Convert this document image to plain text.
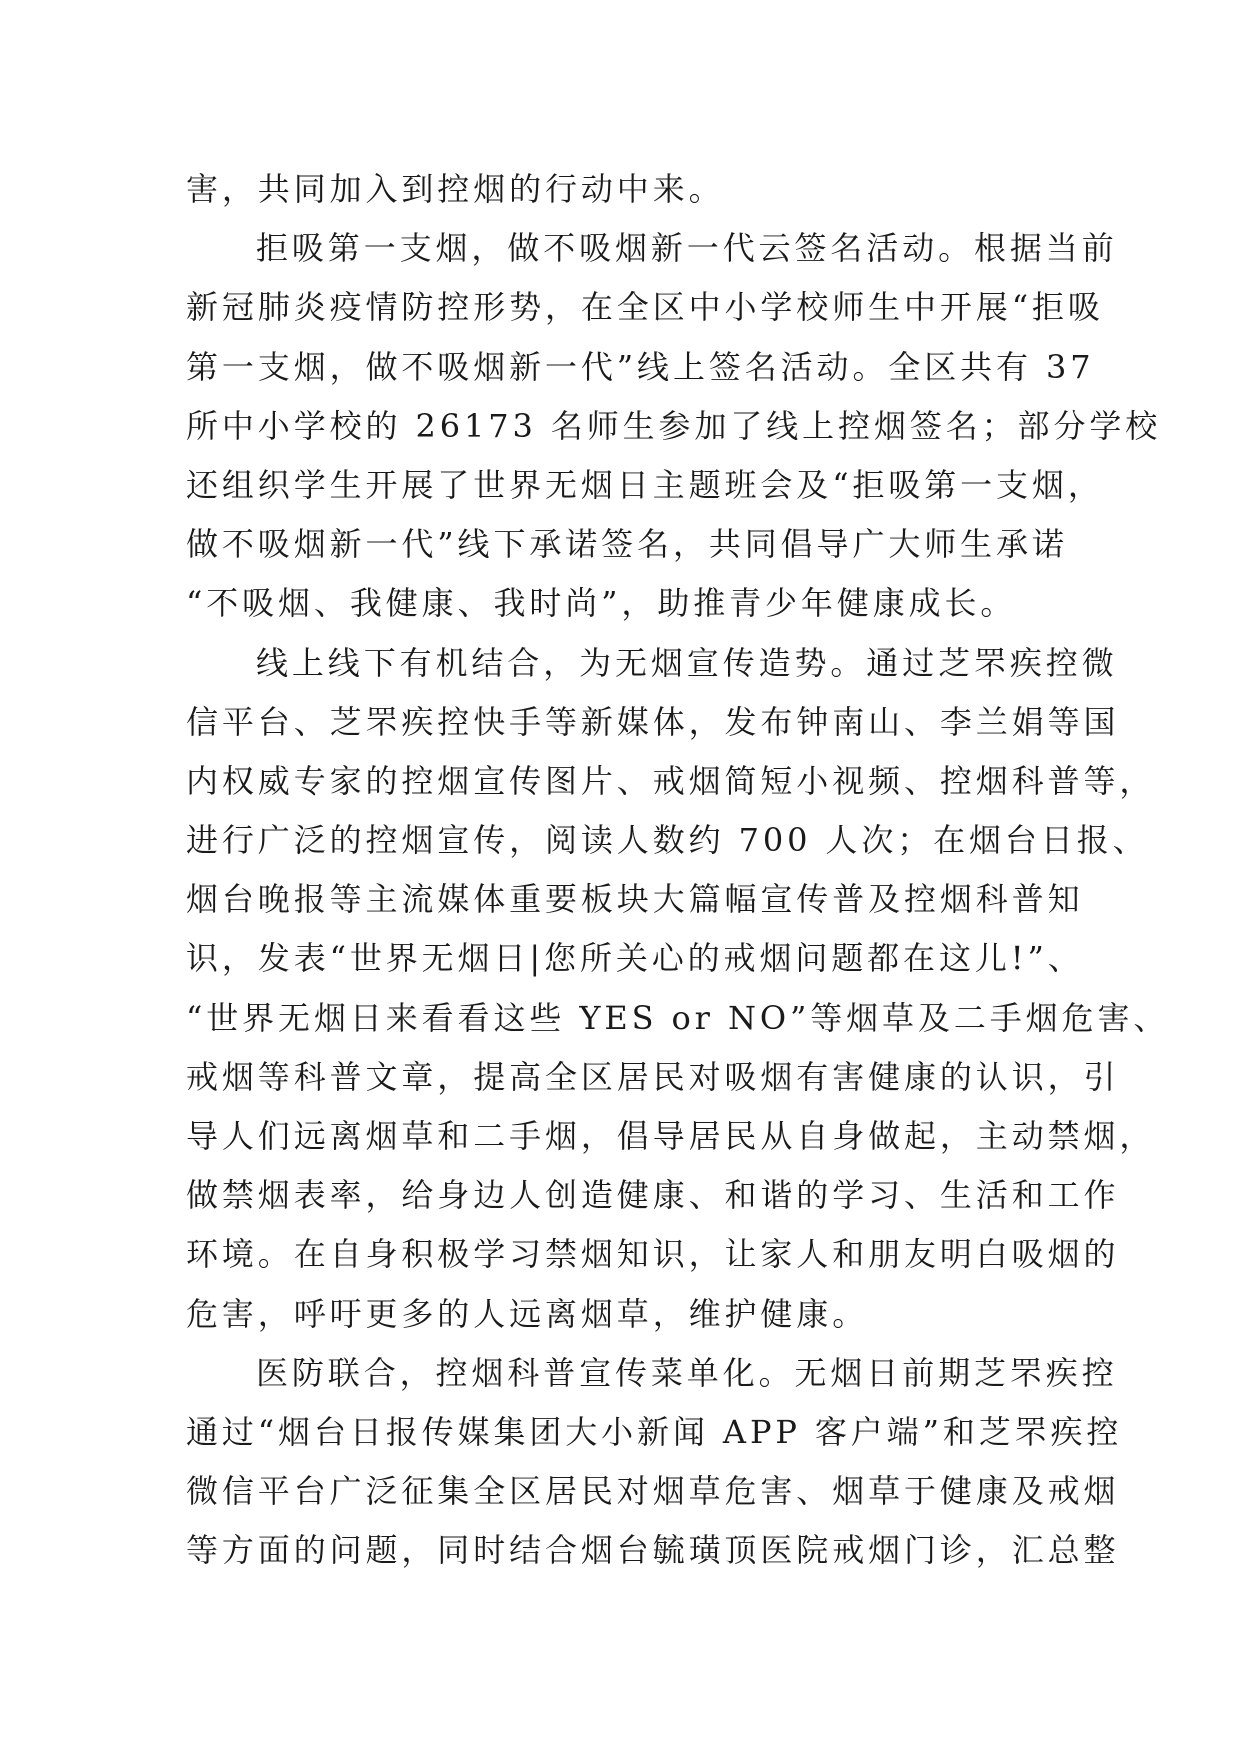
害，共同加入到控烟的行动中来。
拒吸第一支烟，做不吸烟新一代云签名活动。根据当前
新冠肺炎疫情防控形势，在全区中小学校师生中开展“拒吸
第一支烟，做不吸烟新一代”线上签名活动。全区共有 37
所中小学校的 26173 名师生参加了线上控烟签名；部分学校
还组织学生开展了世界无烟日主题班会及“拒吸第一支烟，
做不吸烟新一代”线下承诺签名，共同倡导广大师生承诺
“不吸烟、我健康、我时尚”，助推青少年健康成长。
线上线下有机结合，为无烟宣传造势。通过芝罘疾控微
信平台、芝罘疾控快手等新媒体，发布钟南山、李兰娟等国
内权威专家的控烟宣传图片、戒烟简短小视频、控烟科普等，
进行广泛的控烟宣传，阅读人数约 700 人次；在烟台日报、
烟台晚报等主流媒体重要板块大篇幅宣传普及控烟科普知
识，发表“世界无烟日|您所关心的戒烟问题都在这儿!”、
“世界无烟日来看看这些 YES or NO”等烟草及二手烟危害、
戒烟等科普文章，提高全区居民对吸烟有害健康的认识，引
导人们远离烟草和二手烟，倡导居民从自身做起，主动禁烟，
做禁烟表率，给身边人创造健康、和谐的学习、生活和工作
环境。在自身积极学习禁烟知识，让家人和朋友明白吸烟的
危害，呼吁更多的人远离烟草，维护健康。
医防联合，控烟科普宣传菜单化。无烟日前期芝罘疾控
通过“烟台日报传媒集团大小新闻 APP 客户端”和芝罘疾控
微信平台广泛征集全区居民对烟草危害、烟草于健康及戒烟
等方面的问题，同时结合烟台毓璜顶医院戒烟门诊，汇总整
